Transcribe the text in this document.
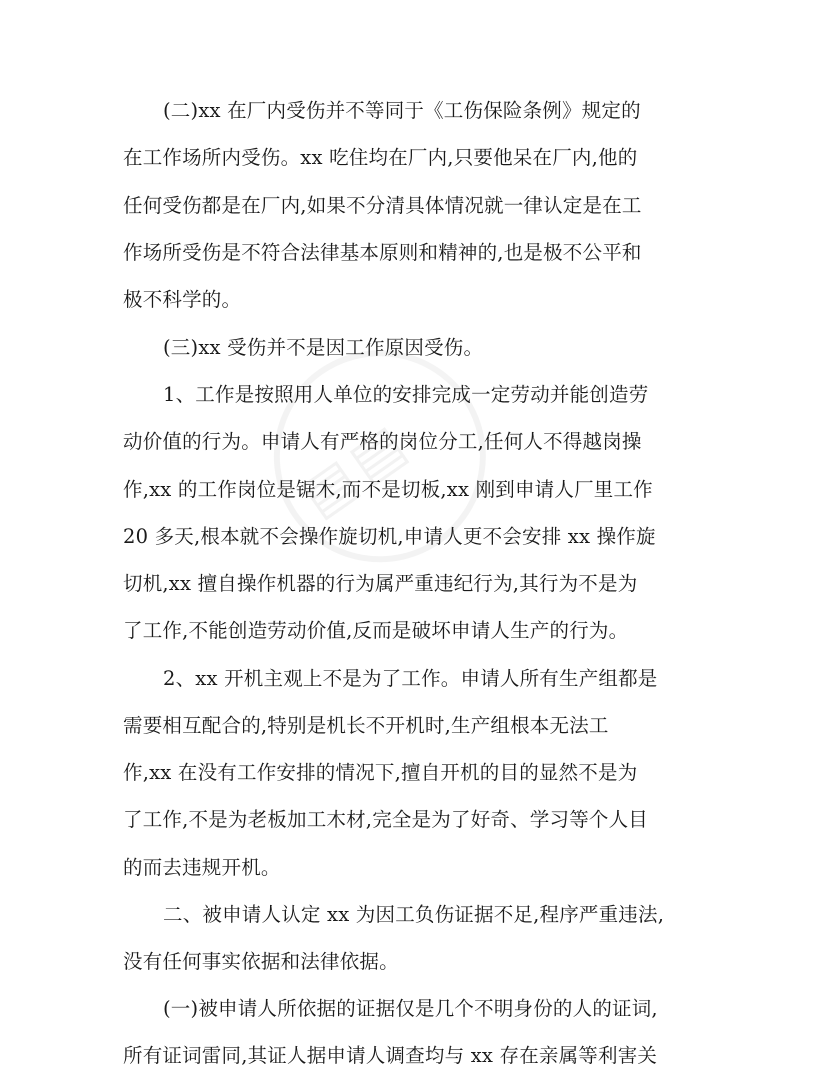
▤▤
(二)xx 在厂内受伤并不等同于《工伤保险条例》规定的
在工作场所内受伤。xx 吃住均在厂内,只要他呆在厂内,他的
任何受伤都是在厂内,如果不分清具体情况就一律认定是在工
作场所受伤是不符合法律基本原则和精神的,也是极不公平和
极不科学的。
(三)xx 受伤并不是因工作原因受伤。
1、工作是按照用人单位的安排完成一定劳动并能创造劳
动价值的行为。申请人有严格的岗位分工,任何人不得越岗操
作,xx 的工作岗位是锯木,而不是切板,xx 刚到申请人厂里工作
20 多天,根本就不会操作旋切机,申请人更不会安排 xx 操作旋
切机,xx 擅自操作机器的行为属严重违纪行为,其行为不是为
了工作,不能创造劳动价值,反而是破坏申请人生产的行为。
2、xx 开机主观上不是为了工作。申请人所有生产组都是
需要相互配合的,特别是机长不开机时,生产组根本无法工
作,xx 在没有工作安排的情况下,擅自开机的目的显然不是为
了工作,不是为老板加工木材,完全是为了好奇、学习等个人目
的而去违规开机。
二、被申请人认定 xx 为因工负伤证据不足,程序严重违法,
没有任何事实依据和法律依据。
(一)被申请人所依据的证据仅是几个不明身份的人的证词,
所有证词雷同,其证人据申请人调查均与 xx 存在亲属等利害关
